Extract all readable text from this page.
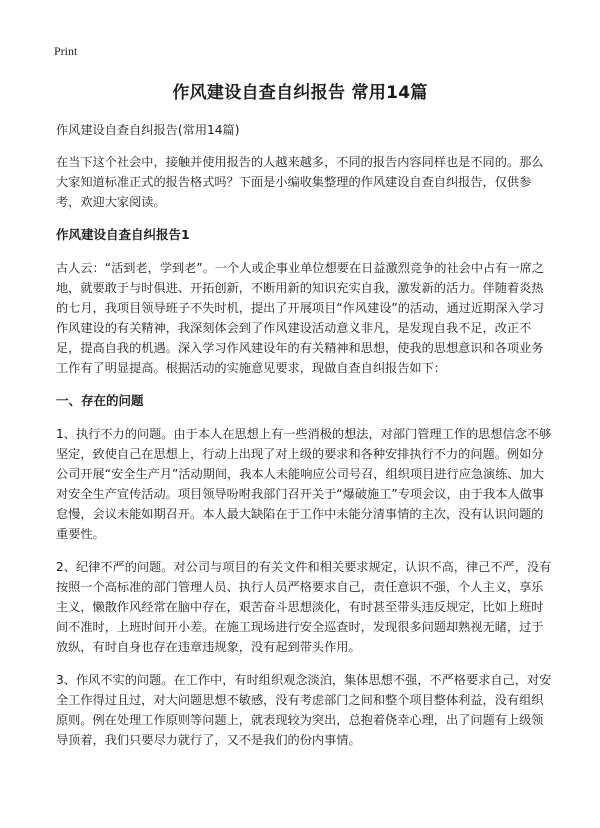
Print
作风建设自查自纠报告 常用14篇

作风建设自查自纠报告(常用14篇)

在当下这个社会中，接触并使用报告的人越来越多，不同的报告内容同样也是不同的。那么大家知道标准正式的报告格式吗？下面是小编收集整理的作风建设自查自纠报告，仅供参考，欢迎大家阅读。

作风建设自查自纠报告1

古人云：“活到老，学到老”。一个人或企事业单位想要在日益激烈竞争的社会中占有一席之地，就要敢于与时俱进、开拓创新，不断用新的知识充实自我，激发新的活力。伴随着炎热的七月，我项目领导班子不失时机，提出了开展项目“作风建设”的活动，通过近期深入学习作风建设的有关精神，我深刻体会到了作风建设活动意义非凡，是发现自我不足，改正不足，提高自我的机遇。深入学习作风建设年的有关精神和思想，使我的思想意识和各项业务工作有了明显提高。根据活动的实施意见要求，现做自查自纠报告如下：

一、存在的问题

1、执行不力的问题。由于本人在思想上有一些消极的想法，对部门管理工作的思想信念不够坚定，致使自己在思想上，行动上出现了对上级的要求和各种安排执行不力的问题。例如分公司开展“安全生产月”活动期间，我本人未能响应公司号召，组织项目进行应急演练、加大对安全生产宣传活动。项目领导吩咐我部门召开关于“爆破施工”专项会议，由于我本人做事怠慢，会议未能如期召开。本人最大缺陷在于工作中未能分清事情的主次，没有认识问题的重要性。

2、纪律不严的问题。对公司与项目的有关文件和相关要求规定，认识不高，律己不严，没有按照一个高标准的部门管理人员、执行人员严格要求自己，责任意识不强，个人主义，享乐主义，懒散作风经常在脑中存在，艰苦奋斗思想淡化，有时甚至带头违反规定，比如上班时间不准时，上班时间开小差。在施工现场进行安全巡查时，发现很多问题却熟视无睹，过于放纵，有时自身也存在违章违规象，没有起到带头作用。

3、作风不实的问题。在工作中，有时组织观念淡泊，集体思想不强，不严格要求自己，对安全工作得过且过，对大问题思想不敏感，没有考虑部门之间和整个项目整体利益，没有组织原则。例在处理工作原则等问题上，就表现较为突出，总抱着侥幸心理，出了问题有上级领导顶着，我们只要尽力就行了，又不是我们的份内事情。
